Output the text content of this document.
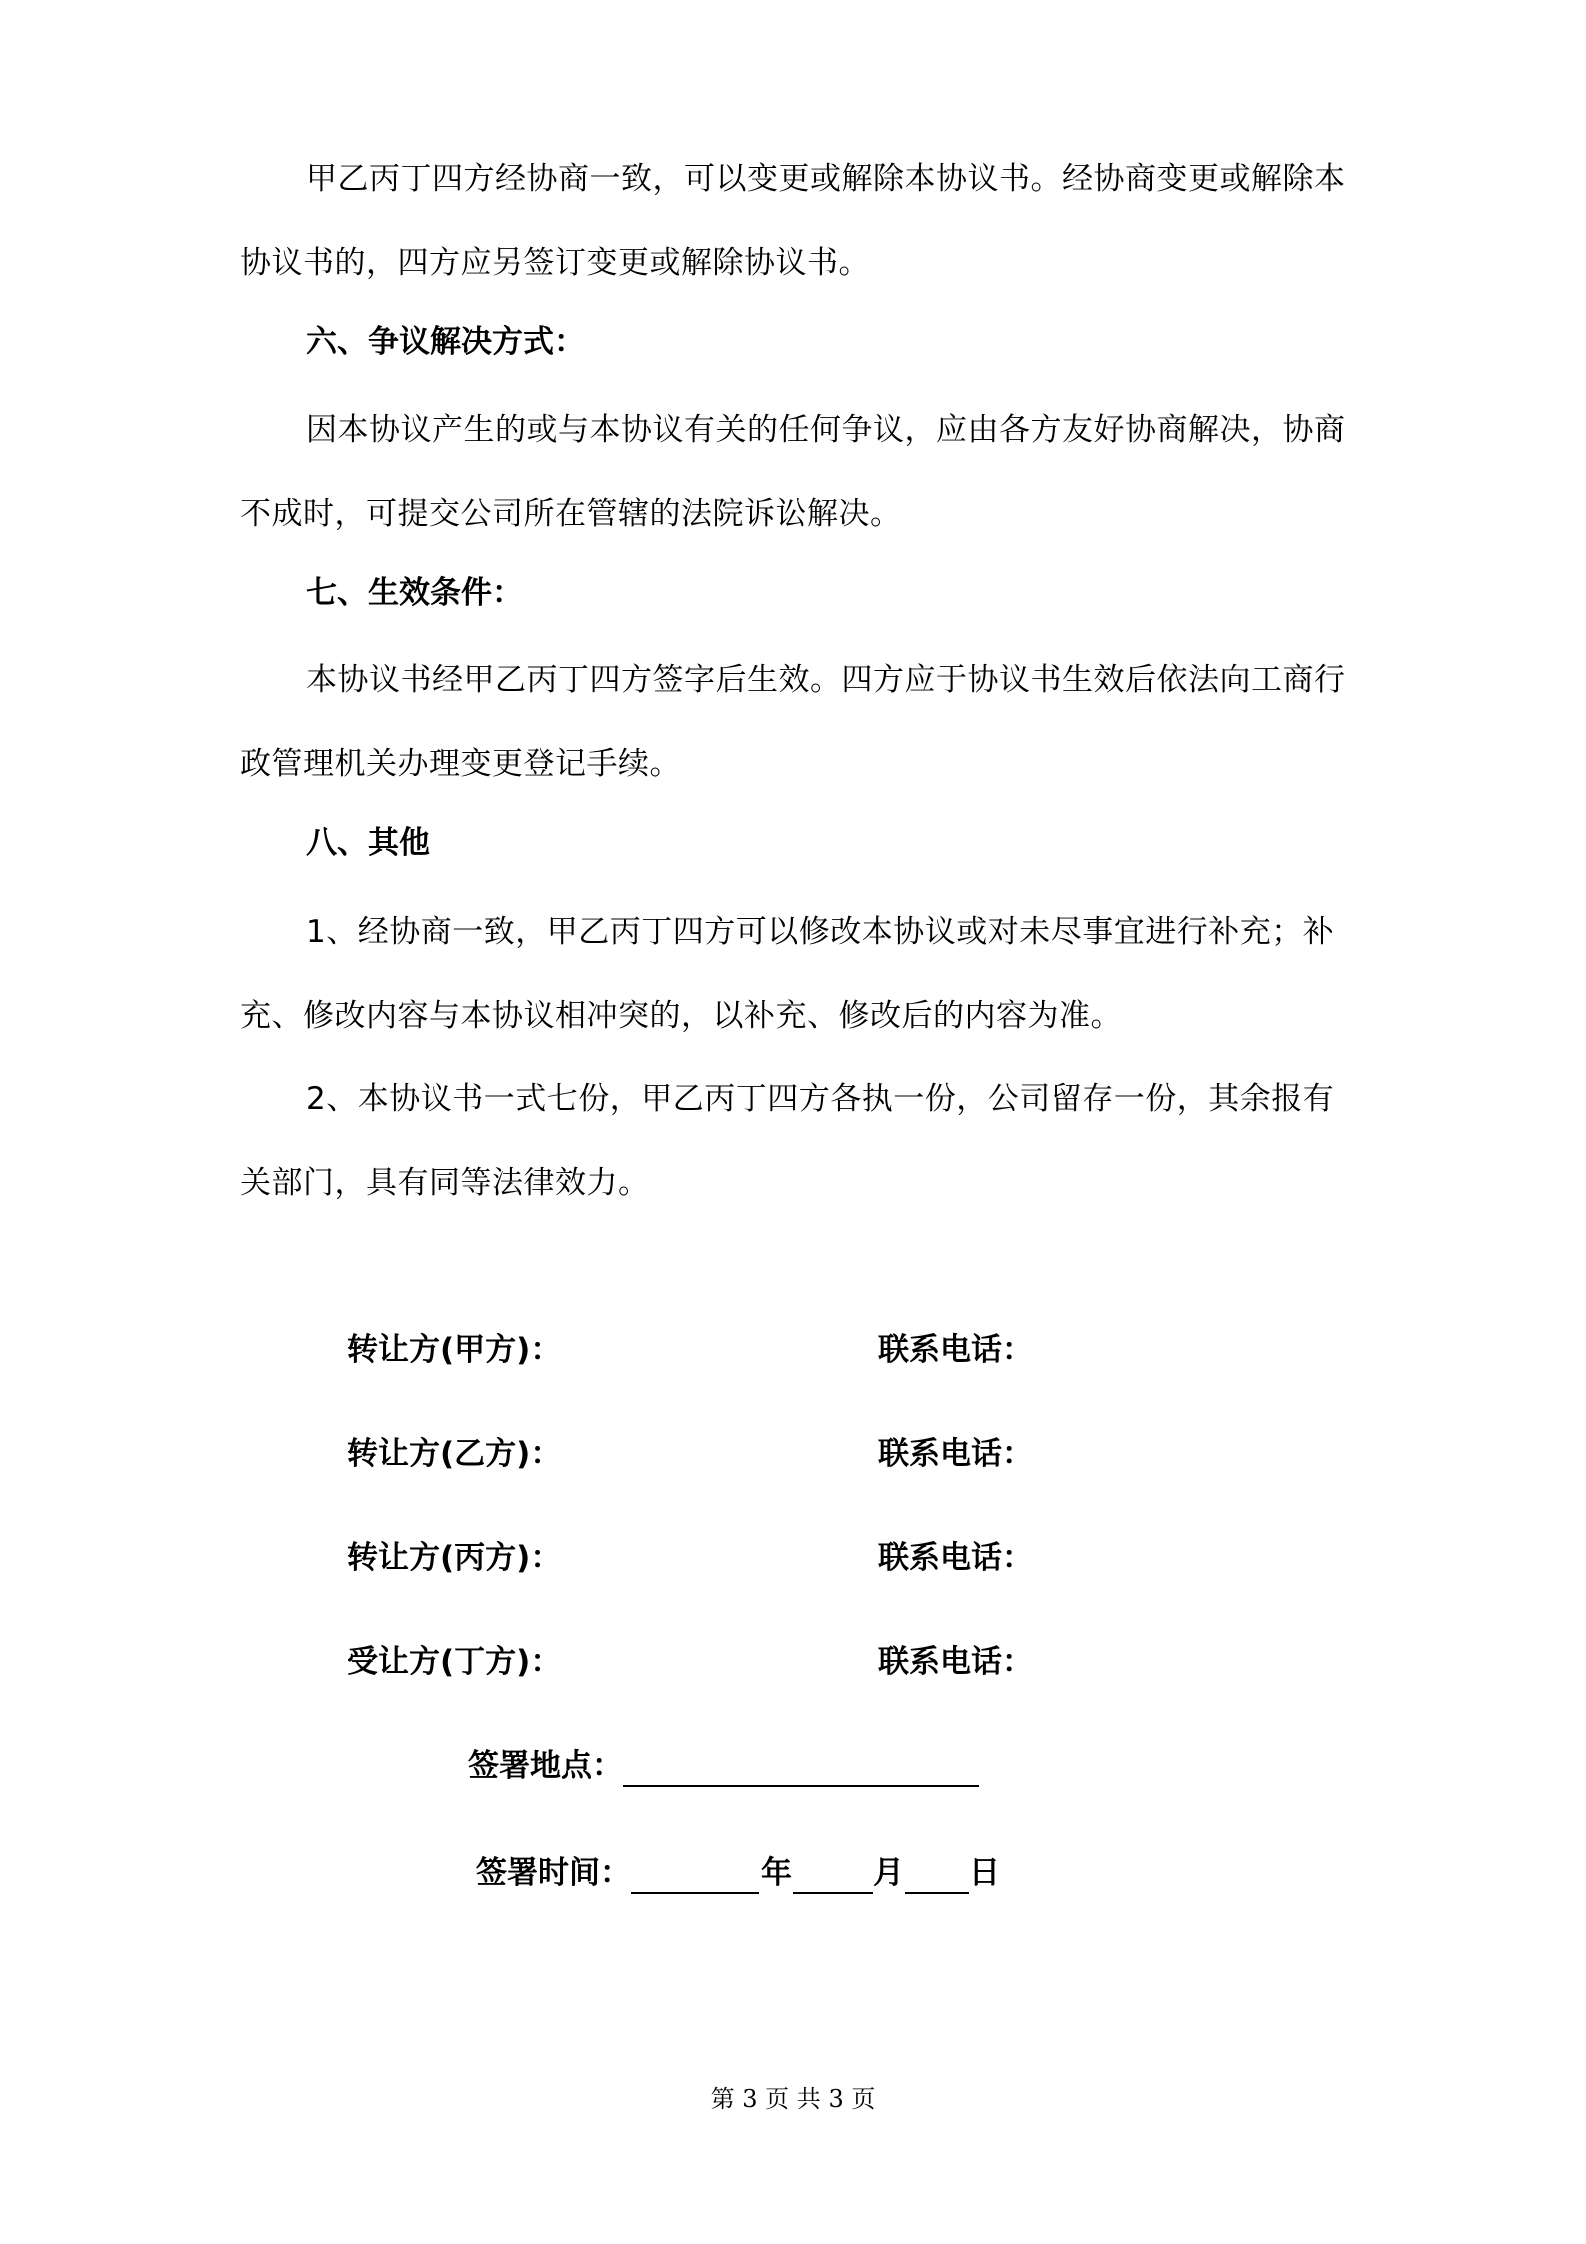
甲乙丙丁四方经协商一致，可以变更或解除本协议书。经协商变更或解除本协议书的，四方应另签订变更或解除协议书。

六、争议解决方式：

因本协议产生的或与本协议有关的任何争议，应由各方友好协商解决，协商不成时，可提交公司所在管辖的法院诉讼解决。

七、生效条件：

本协议书经甲乙丙丁四方签字后生效。四方应于协议书生效后依法向工商行政管理机关办理变更登记手续。

八、其他

1、经协商一致，甲乙丙丁四方可以修改本协议或对未尽事宜进行补充；补充、修改内容与本协议相冲突的，以补充、修改后的内容为准。

2、本协议书一式七份，甲乙丙丁四方各执一份，公司留存一份，其余报有关部门，具有同等法律效力。

转让方(甲方)：	联系电话：
转让方(乙方)：	联系电话：
转让方(丙方)：	联系电话：
受让方(丁方)：	联系电话：
签署地点：
签署时间：	年	月 日
第 3 页 共 3 页
